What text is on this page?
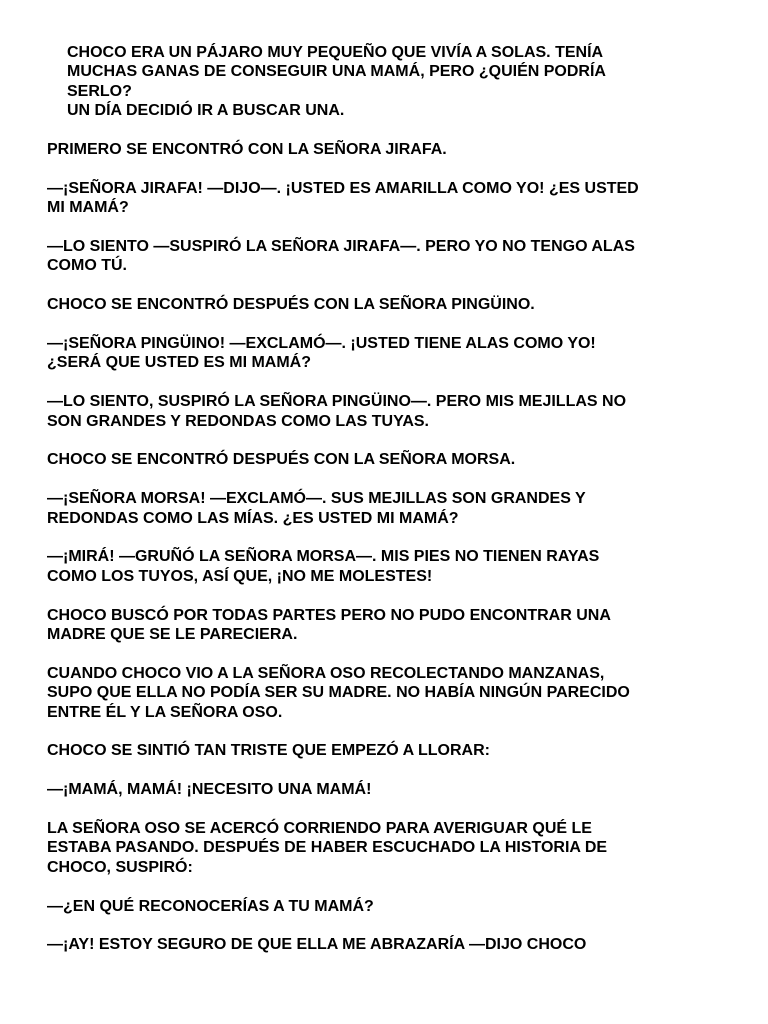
CHOCO ERA UN PÁJARO MUY PEQUEÑO QUE VIVÍA A SOLAS. TENÍA
MUCHAS GANAS DE CONSEGUIR UNA MAMÁ, PERO ¿QUIÉN PODRÍA
SERLO?
UN DÍA DECIDIÓ IR A BUSCAR UNA.

PRIMERO SE ENCONTRÓ CON LA SEÑORA JIRAFA.

—¡SEÑORA JIRAFA! —DIJO—. ¡USTED ES AMARILLA COMO YO! ¿ES USTED
MI MAMÁ?

—LO SIENTO —SUSPIRÓ LA SEÑORA JIRAFA—. PERO YO NO TENGO ALAS
COMO TÚ.

CHOCO SE ENCONTRÓ DESPUÉS CON LA SEÑORA PINGÜINO.

—¡SEÑORA PINGÜINO! —EXCLAMÓ—. ¡USTED TIENE ALAS COMO YO!
¿SERÁ QUE USTED ES MI MAMÁ?

—LO SIENTO, SUSPIRÓ LA SEÑORA PINGÜINO—. PERO MIS MEJILLAS NO
SON GRANDES Y REDONDAS COMO LAS TUYAS.

CHOCO SE ENCONTRÓ DESPUÉS CON LA SEÑORA MORSA.

—¡SEÑORA MORSA! —EXCLAMÓ—. SUS MEJILLAS SON GRANDES Y
REDONDAS COMO LAS MÍAS. ¿ES USTED MI MAMÁ?

—¡MIRÁ! —GRUÑÓ LA SEÑORA MORSA—. MIS PIES NO TIENEN RAYAS
COMO LOS TUYOS, ASÍ QUE, ¡NO ME MOLESTES!

CHOCO BUSCÓ POR TODAS PARTES PERO NO PUDO ENCONTRAR UNA
MADRE QUE SE LE PARECIERA.

CUANDO CHOCO VIO A LA SEÑORA OSO RECOLECTANDO MANZANAS,
SUPO QUE ELLA NO PODÍA SER SU MADRE. NO HABÍA NINGÚN PARECIDO
ENTRE ÉL Y LA SEÑORA OSO.

CHOCO SE SINTIÓ TAN TRISTE QUE EMPEZÓ A LLORAR:

—¡MAMÁ, MAMÁ! ¡NECESITO UNA MAMÁ!

LA SEÑORA OSO SE ACERCÓ CORRIENDO PARA AVERIGUAR QUÉ LE
ESTABA PASANDO. DESPUÉS DE HABER ESCUCHADO LA HISTORIA DE
CHOCO, SUSPIRÓ:

—¿EN QUÉ RECONOCERÍAS A TU MAMÁ?

—¡AY! ESTOY SEGURO DE QUE ELLA ME ABRAZARÍA —DIJO CHOCO
